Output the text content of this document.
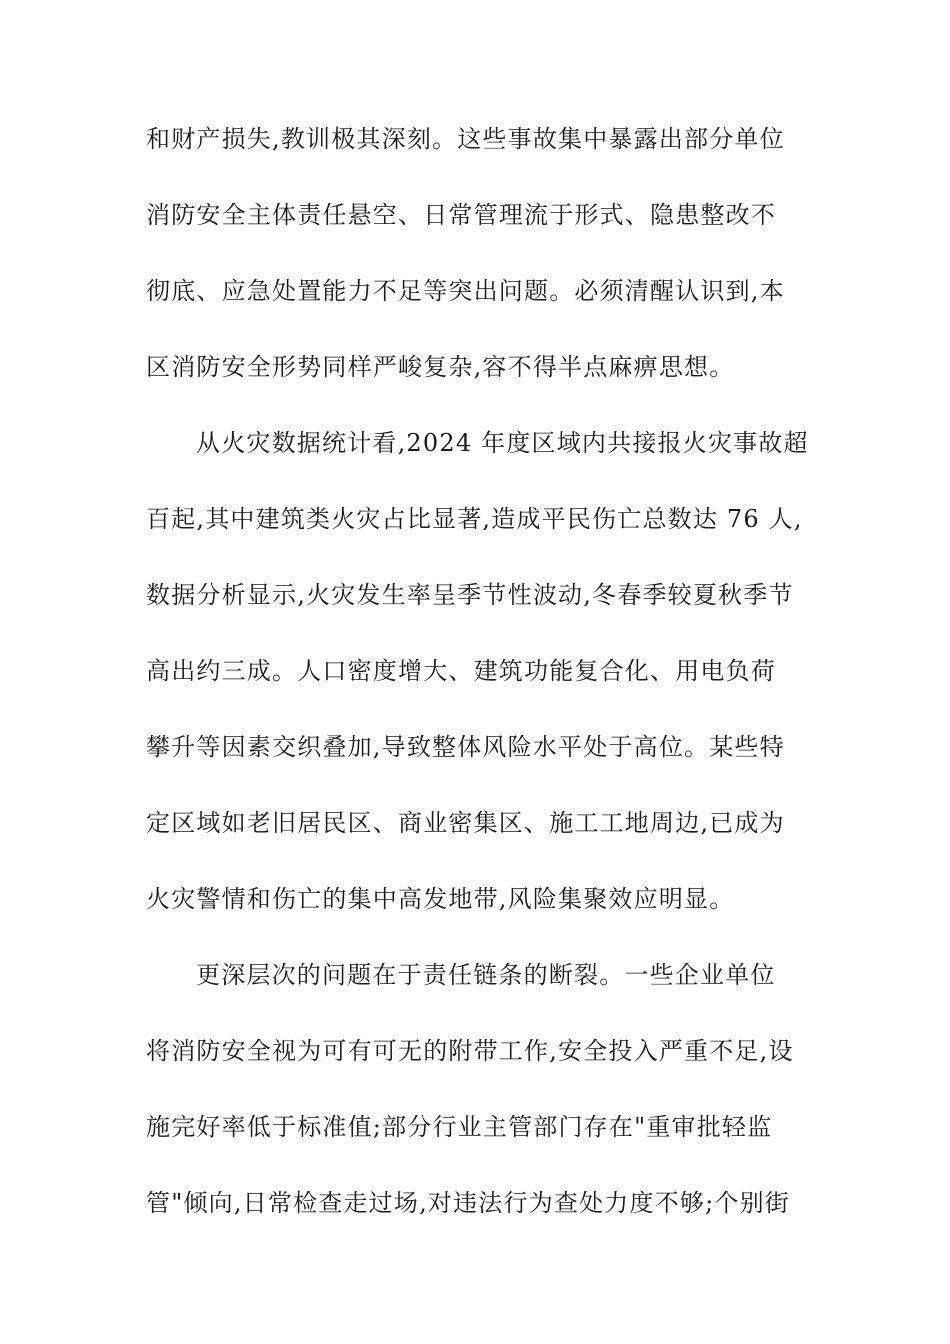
和财产损失,教训极其深刻。这些事故集中暴露出部分单位
消防安全主体责任悬空、日常管理流于形式、隐患整改不
彻底、应急处置能力不足等突出问题。必须清醒认识到,本
区消防安全形势同样严峻复杂,容不得半点麻痹思想。
从火灾数据统计看,2024 年度区域内共接报火灾事故超
百起,其中建筑类火灾占比显著,造成平民伤亡总数达 76 人,
数据分析显示,火灾发生率呈季节性波动,冬春季较夏秋季节
高出约三成。人口密度增大、建筑功能复合化、用电负荷
攀升等因素交织叠加,导致整体风险水平处于高位。某些特
定区域如老旧居民区、商业密集区、施工工地周边,已成为
火灾警情和伤亡的集中高发地带,风险集聚效应明显。
更深层次的问题在于责任链条的断裂。一些企业单位
将消防安全视为可有可无的附带工作,安全投入严重不足,设
施完好率低于标准值;部分行业主管部门存在"重审批轻监
管"倾向,日常检查走过场,对违法行为查处力度不够;个别街
